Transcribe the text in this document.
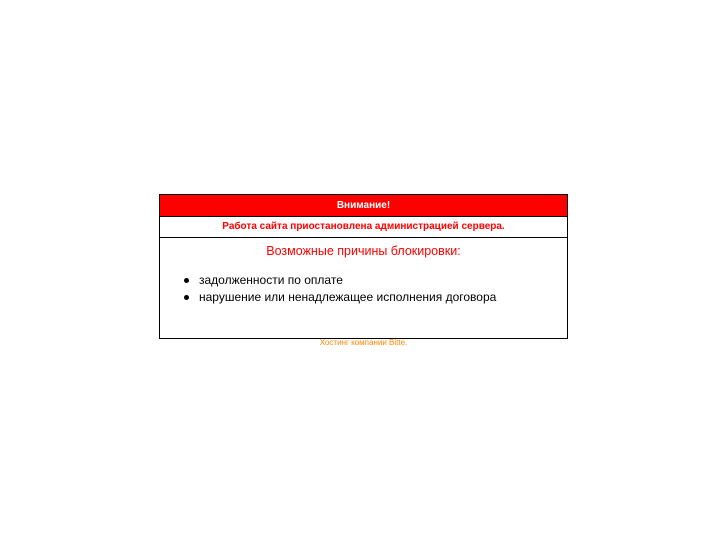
Внимание!
Работа сайта приостановлена администрацией сервера.
Возможные причины блокировки:
задолженности по оплате
нарушение или ненадлежащее исполнения договора
Хостинг компании Bitte.
